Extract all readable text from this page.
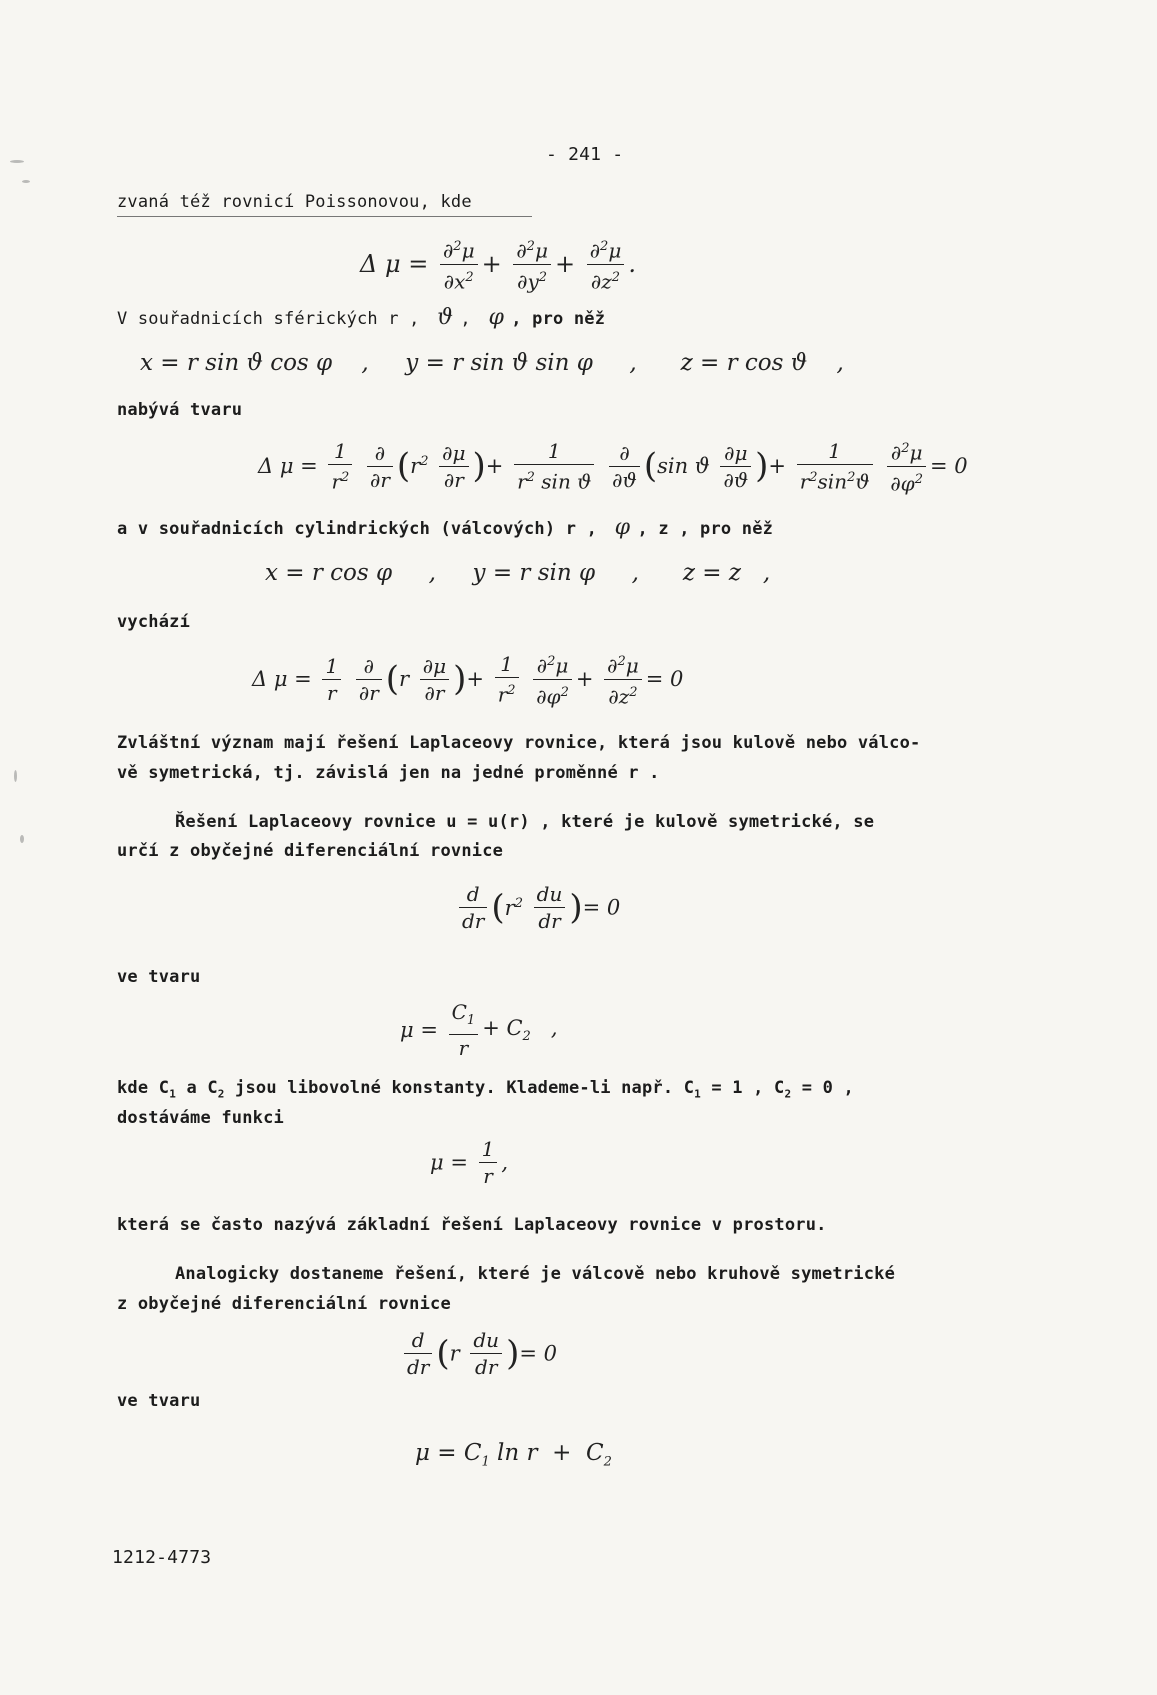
- 241 -
zvaná též rovnicí Poissonovou, kde
Δ $\mu = \frac{\partial^2\mu}{\partial x^2} + \frac{\partial^2\mu}{\partial y^2} + \frac{\partial^2\mu}{\partial z^2}$ .
V souřadnicích sférických r ,  ϑ ,  φ , pro něž
x = r sin ϑ cos φ    ,     y = r sin ϑ sin φ     ,      z = r cos ϑ    ,
nabývá tvaru
Δ $\mu = \frac{1}{r^2}$
$\frac{\partial}{\partial r} (r^2 \frac{\partial\mu}{\partial r}$ )+ $\frac{1}{r^2 \sin ϑ}$
$\frac{\partial}{\partial ϑ} (\sin$ ϑ $\frac{\partial\mu}{\partial ϑ}$ )+ $\frac{1}{r^2\sin^2ϑ}$
$\frac{\partial^2\mu}{\partial\varphi^2} = 0$
a v souřadnicích cylindrických (válcových) r ,  φ , z , pro něž
x = r cos φ     ,     y = r sin φ     ,      z = z   ,
vychází
Δ $\mu = \frac{1}{r}$
$\frac{\partial}{\partial r} (r \frac{\partial\mu}{\partial r}$ )+ $\frac{1}{r^2}$
$\frac{\partial^2\mu}{\partial\varphi^2} + \frac{\partial^2\mu}{\partial z^2} = 0$
Zvláštní význam mají řešení Laplaceovy rovnice, která jsou kulově nebo válco-
vě symetrická, tj. závislá jen na jedné proměnné r .
Řešení Laplaceovy rovnice u = u(r) , které je kulově symetrické, se
určí z obyčejné diferenciální rovnice
$\frac{d}{dr} (r^2 \frac{du}{dr}$ )= 0
ve tvaru
$\mu = \frac{C_1}{r} + C_2$   ,
kde $C_1$ a $C_2$ jsou libovolné konstanty. Klademe-li např. $C_1 = 1$ , $C_2 = 0$ ,
dostáváme funkci
$\mu = \frac{1}{r}$ ,
která se často nazývá základní řešení Laplaceovy rovnice v prostoru.
Analogicky dostaneme řešení, které je válcově nebo kruhově symetrické
z obyčejné diferenciální rovnice
$\frac{d}{dr} (r \frac{du}{dr}$ )= 0
ve tvaru
$\mu = C_1$ $\ln r + C_2$
1212-4773
